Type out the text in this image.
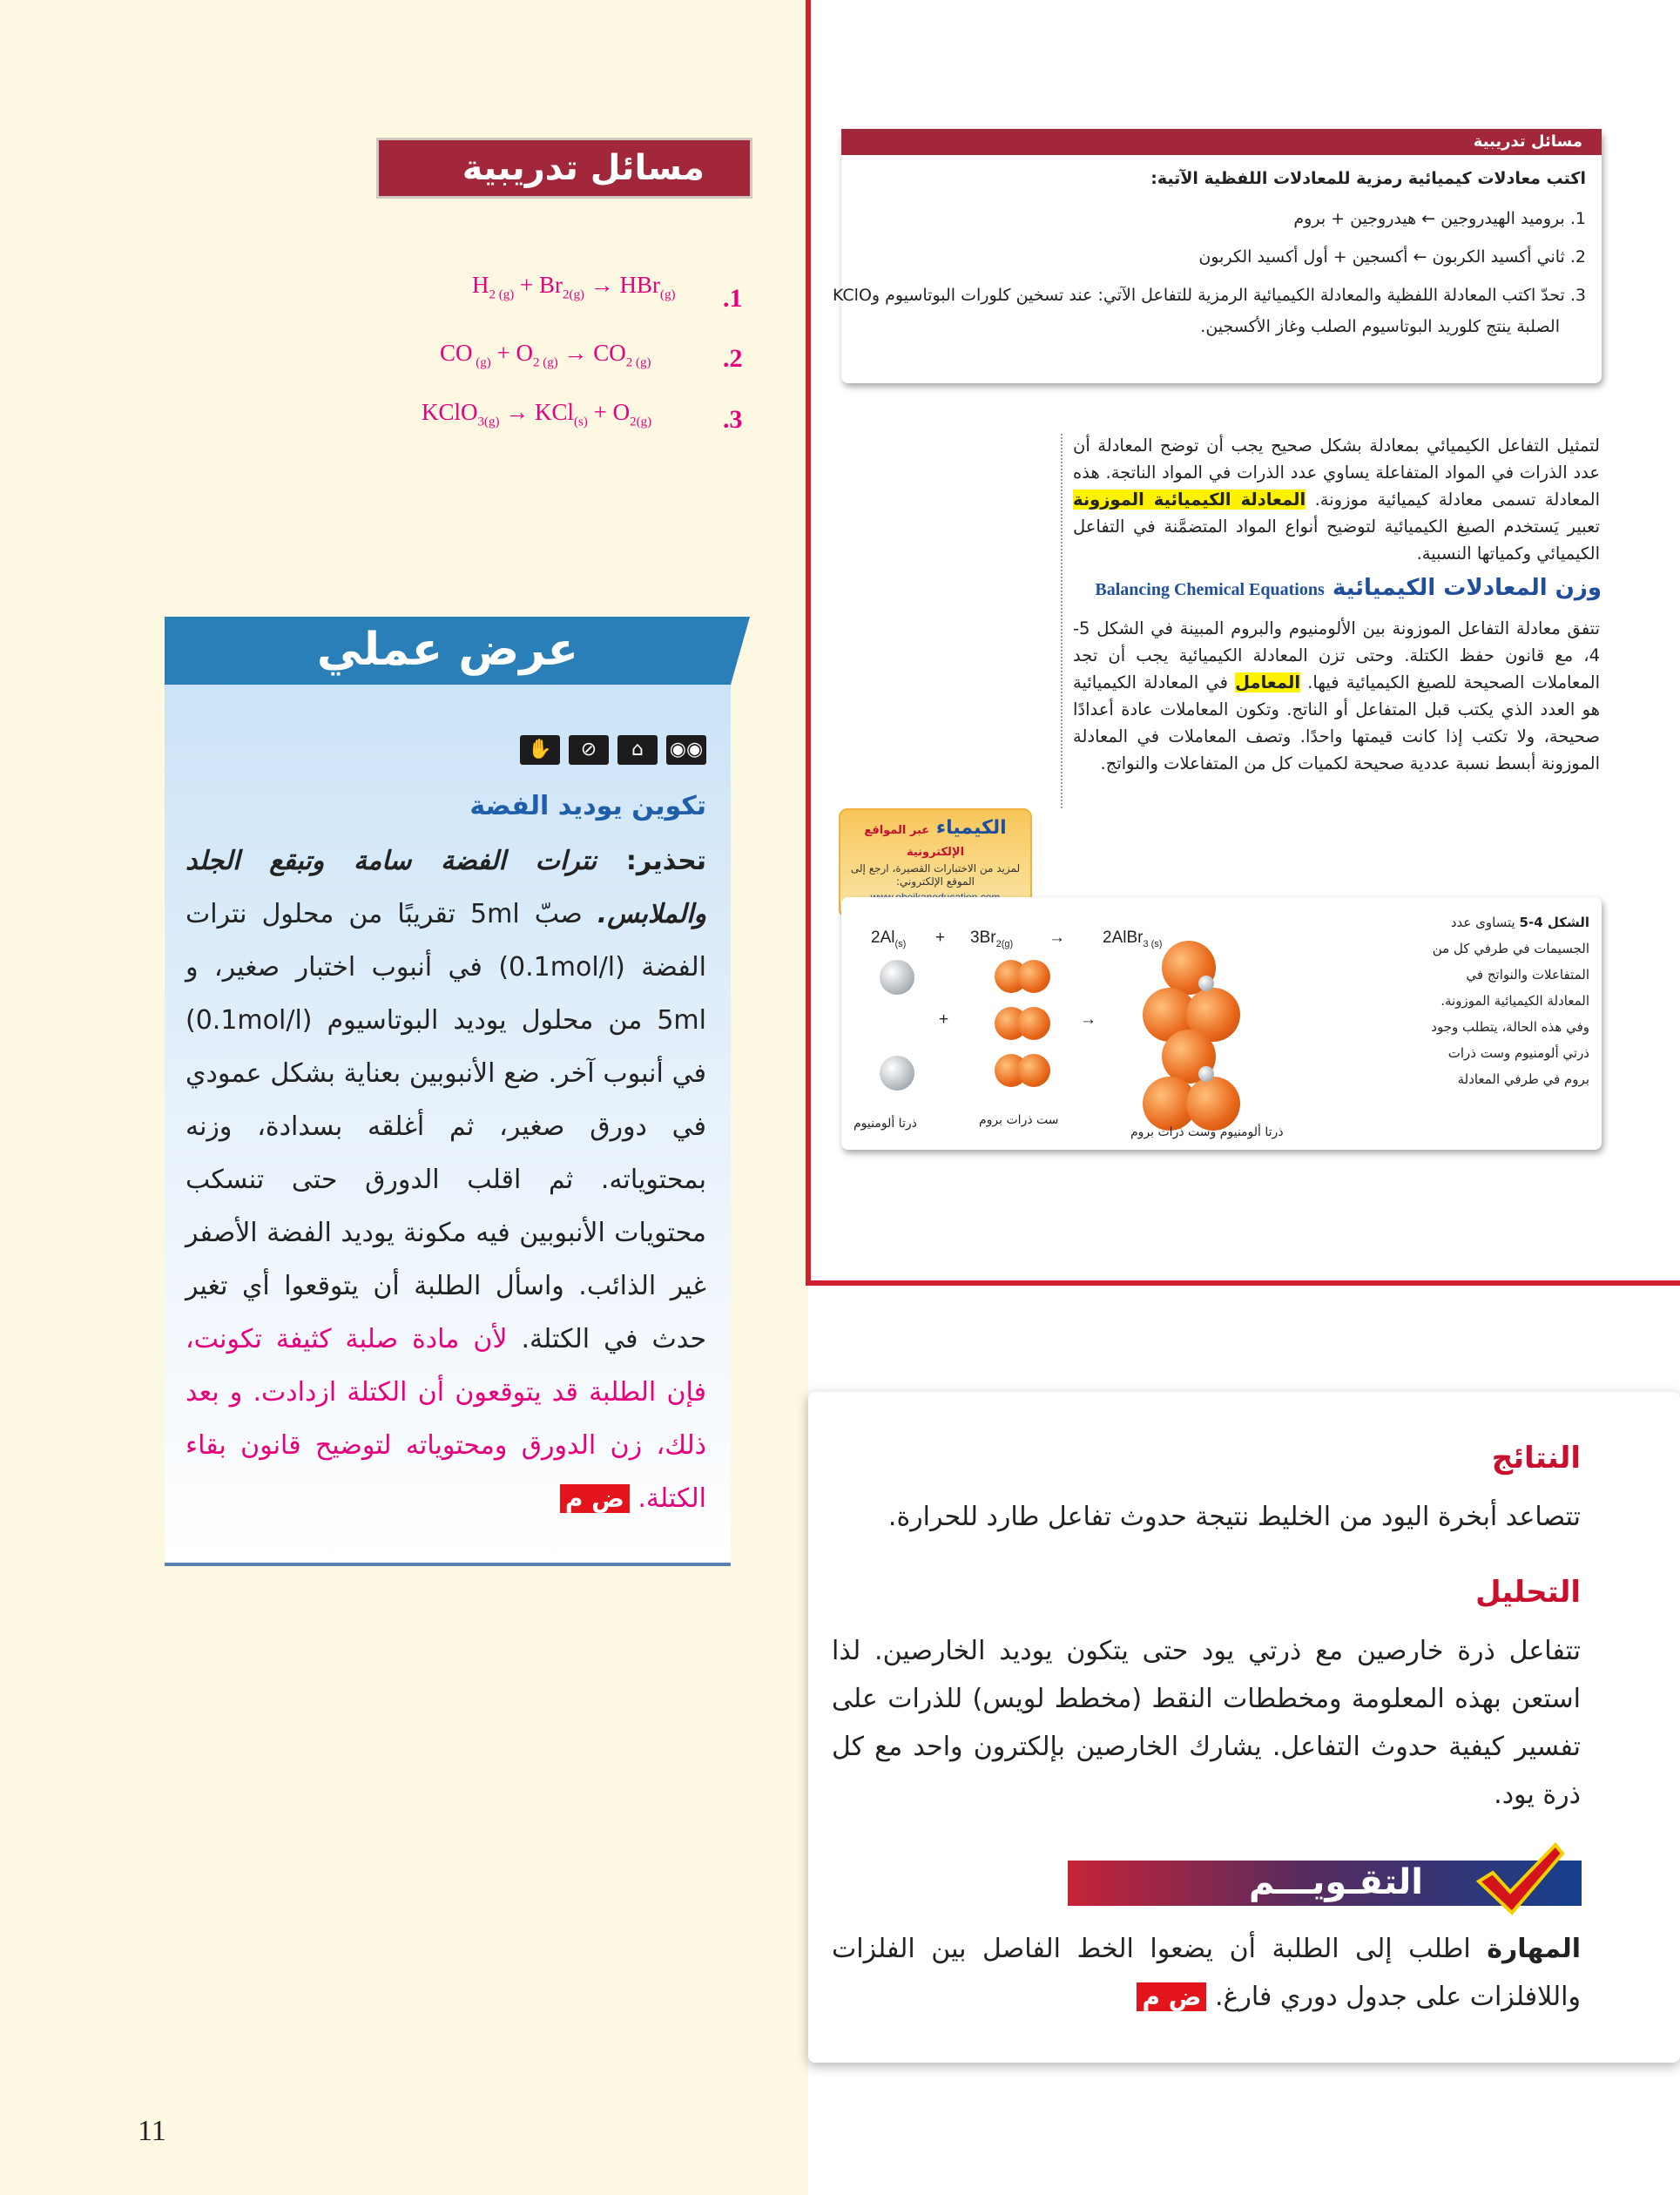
مسائل تدريبية
$H_{2 (g)} + Br_{2(g)} \to HBr_{(g)}$ .1
CO $_{(g)} + O_{2 (g)} \to CO_{2 (g)}$	.2
KClO$_{3(g)}$ → $KCl_{(s)} + O_{2(g)}$	.3
عرض عملي
✋	⊘	⌂	◉◉
تكوين يوديد الفضة
تحذير: نترات الفضة سامة وتبقع الجلد والملابس. صبّ 5ml تقريبًا من محلول نترات الفضة (0.1mol/l) في أنبوب اختبار صغير، و 5ml من محلول يوديد البوتاسيوم (0.1mol/l) في أنبوب آخر. ضع الأنبوبين بعناية بشكل عمودي في دورق صغير، ثم أغلقه بسدادة، وزنه بمحتوياته. ثم اقلب الدورق حتى تنسكب محتويات الأنبوبين فيه مكونة يوديد الفضة الأصفر غير الذائب. واسأل الطلبة أن يتوقعوا أي تغير حدث في الكتلة. لأن مادة صلبة كثيفة تكونت، فإن الطلبة قد يتوقعون أن الكتلة ازدادت. و بعد ذلك، زن الدورق ومحتوياته لتوضيح قانون بقاء الكتلة. ض م
مسائل تدريبية
اكتب معادلات كيميائية رمزية للمعادلات اللفظية الآتية:
1. بروميد الهيدروجين ← هيدروجين + بروم
2. ثاني أكسيد الكربون ← أكسجين + أول أكسيد الكربون
3. تحدّ اكتب المعادلة اللفظية والمعادلة الكيميائية الرمزية للتفاعل الآتي: عند تسخين كلورات البوتاسيوم وKClO
الصلبة ينتج كلوريد البوتاسيوم الصلب وغاز الأكسجين.
لتمثيل التفاعل الكيميائي بمعادلة بشكل صحيح يجب أن توضح المعادلة أن عدد الذرات في المواد المتفاعلة يساوي عدد الذرات في المواد الناتجة. هذه المعادلة تسمى معادلة كيميائية موزونة. المعادلة الكيميائية الموزونة تعبير يَستخدم الصيغ الكيميائية لتوضيح أنواع المواد المتضمَّنة في التفاعل الكيميائي وكمياتها النسبية.
وزن المعادلات الكيميائية Balancing Chemical Equations
تتفق معادلة التفاعل الموزونة بين الألومنيوم والبروم المبينة في الشكل 5-4، مع قانون حفظ الكتلة. وحتى تزن المعادلة الكيميائية يجب أن تجد المعاملات الصحيحة للصيغ الكيميائية فيها. المعامل في المعادلة الكيميائية هو العدد الذي يكتب قبل المتفاعل أو الناتج. وتكون المعاملات عادة أعدادًا صحيحة، ولا تكتب إذا كانت قيمتها واحدًا. وتصف المعاملات في المعادلة الموزونة أبسط نسبة عددية صحيحة لكميات كل من المتفاعلات والنواتج.
الكيمياء عبر المواقع الإلكترونية
لمزيد من الاختبارات القصيرة، ارجع إلى الموقع الإلكتروني:
الشكل 4-5 يتساوى عدد الجسيمات في طرفي كل من المتفاعلات والنواتج في المعادلة الكيميائية الموزونة. وفي هذه الحالة، يتطلب وجود ذرتي ألومنيوم وست ذرات بروم في طرفي المعادلة
$2Al_{(s)} + 3Br_{2(g)}$ → 2AlBr$_{3 (s)}$
+	→
ذرتا ألومنيوم	ست ذرات بروم
ذرتا ألومنيوم وست ذرات بروم
النتائج
تتصاعد أبخرة اليود من الخليط نتيجة حدوث تفاعل طارد للحرارة.
التحليل
تتفاعل ذرة خارصين مع ذرتي يود حتى يتكون يوديد الخارصين. لذا استعن بهذه المعلومة ومخططات النقط (مخطط لويس) للذرات على تفسير كيفية حدوث التفاعل. يشارك الخارصين بإلكترون واحد مع كل ذرة يود.
المهارة اطلب إلى الطلبة أن يضعوا الخط الفاصل بين الفلزات واللافلزات على جدول دوري فارغ. ض م
التقـويـــم
11
